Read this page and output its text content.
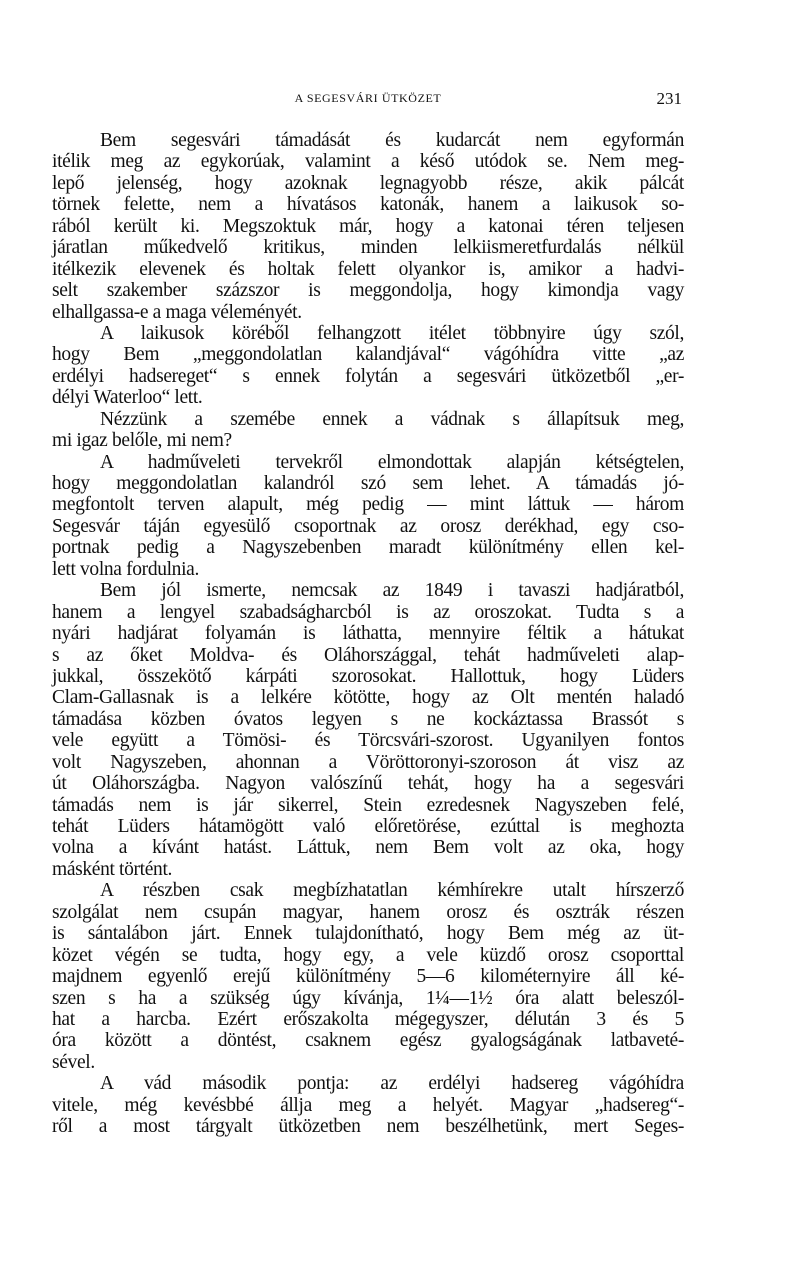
A SEGESVÁRI ÜTKÖZET	231
Bem segesvári támadását és kudarcát nem egyformán
itélik meg az egykorúak, valamint a késő utódok se. Nem meg-
lepő jelenség, hogy azoknak legnagyobb része, akik pálcát
törnek felette, nem a hívatásos katonák, hanem a laikusok so-
rából került ki. Megszoktuk már, hogy a katonai téren teljesen
járatlan műkedvelő kritikus, minden lelkiismeretfurdalás nélkül
itélkezik elevenek és holtak felett olyankor is, amikor a hadvi-
selt szakember százszor is meggondolja, hogy kimondja vagy
elhallgassa-e a maga véleményét.
A laikusok köréből felhangzott itélet többnyire úgy szól,
hogy Bem „meggondolatlan kalandjával“ vágóhídra vitte „az
erdélyi hadsereget“ s ennek folytán a segesvári ütközetből „er-
délyi Waterloo“ lett.
Nézzünk a szemébe ennek a vádnak s állapítsuk meg,
mi igaz belőle, mi nem?
A hadműveleti tervekről elmondottak alapján kétségtelen,
hogy meggondolatlan kalandról szó sem lehet. A támadás jó-
megfontolt terven alapult, még pedig — mint láttuk — három
Segesvár táján egyesülő csoportnak az orosz derékhad, egy cso-
portnak pedig a Nagyszebenben maradt különítmény ellen kel-
lett volna fordulnia.
Bem jól ismerte, nemcsak az 1849 i tavaszi hadjáratból,
hanem a lengyel szabadságharcból is az oroszokat. Tudta s a
nyári hadjárat folyamán is láthatta, mennyire féltik a hátukat
s az őket Moldva- és Oláhországgal, tehát hadműveleti alap-
jukkal, összekötő kárpáti szorosokat. Hallottuk, hogy Lüders
Clam-Gallasnak is a lelkére kötötte, hogy az Olt mentén haladó
támadása közben óvatos legyen s ne kockáztassa Brassót s
vele együtt a Tömösi- és Törcsvári-szorost. Ugyanilyen fontos
volt Nagyszeben, ahonnan a Vöröttoronyi-szoroson át visz az
út Oláhországba. Nagyon valószínű tehát, hogy ha a segesvári
támadás nem is jár sikerrel, Stein ezredesnek Nagyszeben felé,
tehát Lüders hátamögött való előretörése, ezúttal is meghozta
volna a kívánt hatást. Láttuk, nem Bem volt az oka, hogy
másként történt.
A részben csak megbízhatatlan kémhírekre utalt hírszerző
szolgálat nem csupán magyar, hanem orosz és osztrák részen
is sántalábon járt. Ennek tulajdonítható, hogy Bem még az üt-
közet végén se tudta, hogy egy, a vele küzdő orosz csoporttal
majdnem egyenlő erejű különítmény 5—6 kilométernyire áll ké-
szen s ha a szükség úgy kívánja, 1¼—1½ óra alatt beleszól-
hat a harcba. Ezért erőszakolta mégegyszer, délután 3 és 5
óra között a döntést, csaknem egész gyalogságának latbaveté-
sével.
A vád második pontja: az erdélyi hadsereg vágóhídra
vitele, még kevésbbé állja meg a helyét. Magyar „hadsereg“-
ről a most tárgyalt ütközetben nem beszélhetünk, mert Seges-
